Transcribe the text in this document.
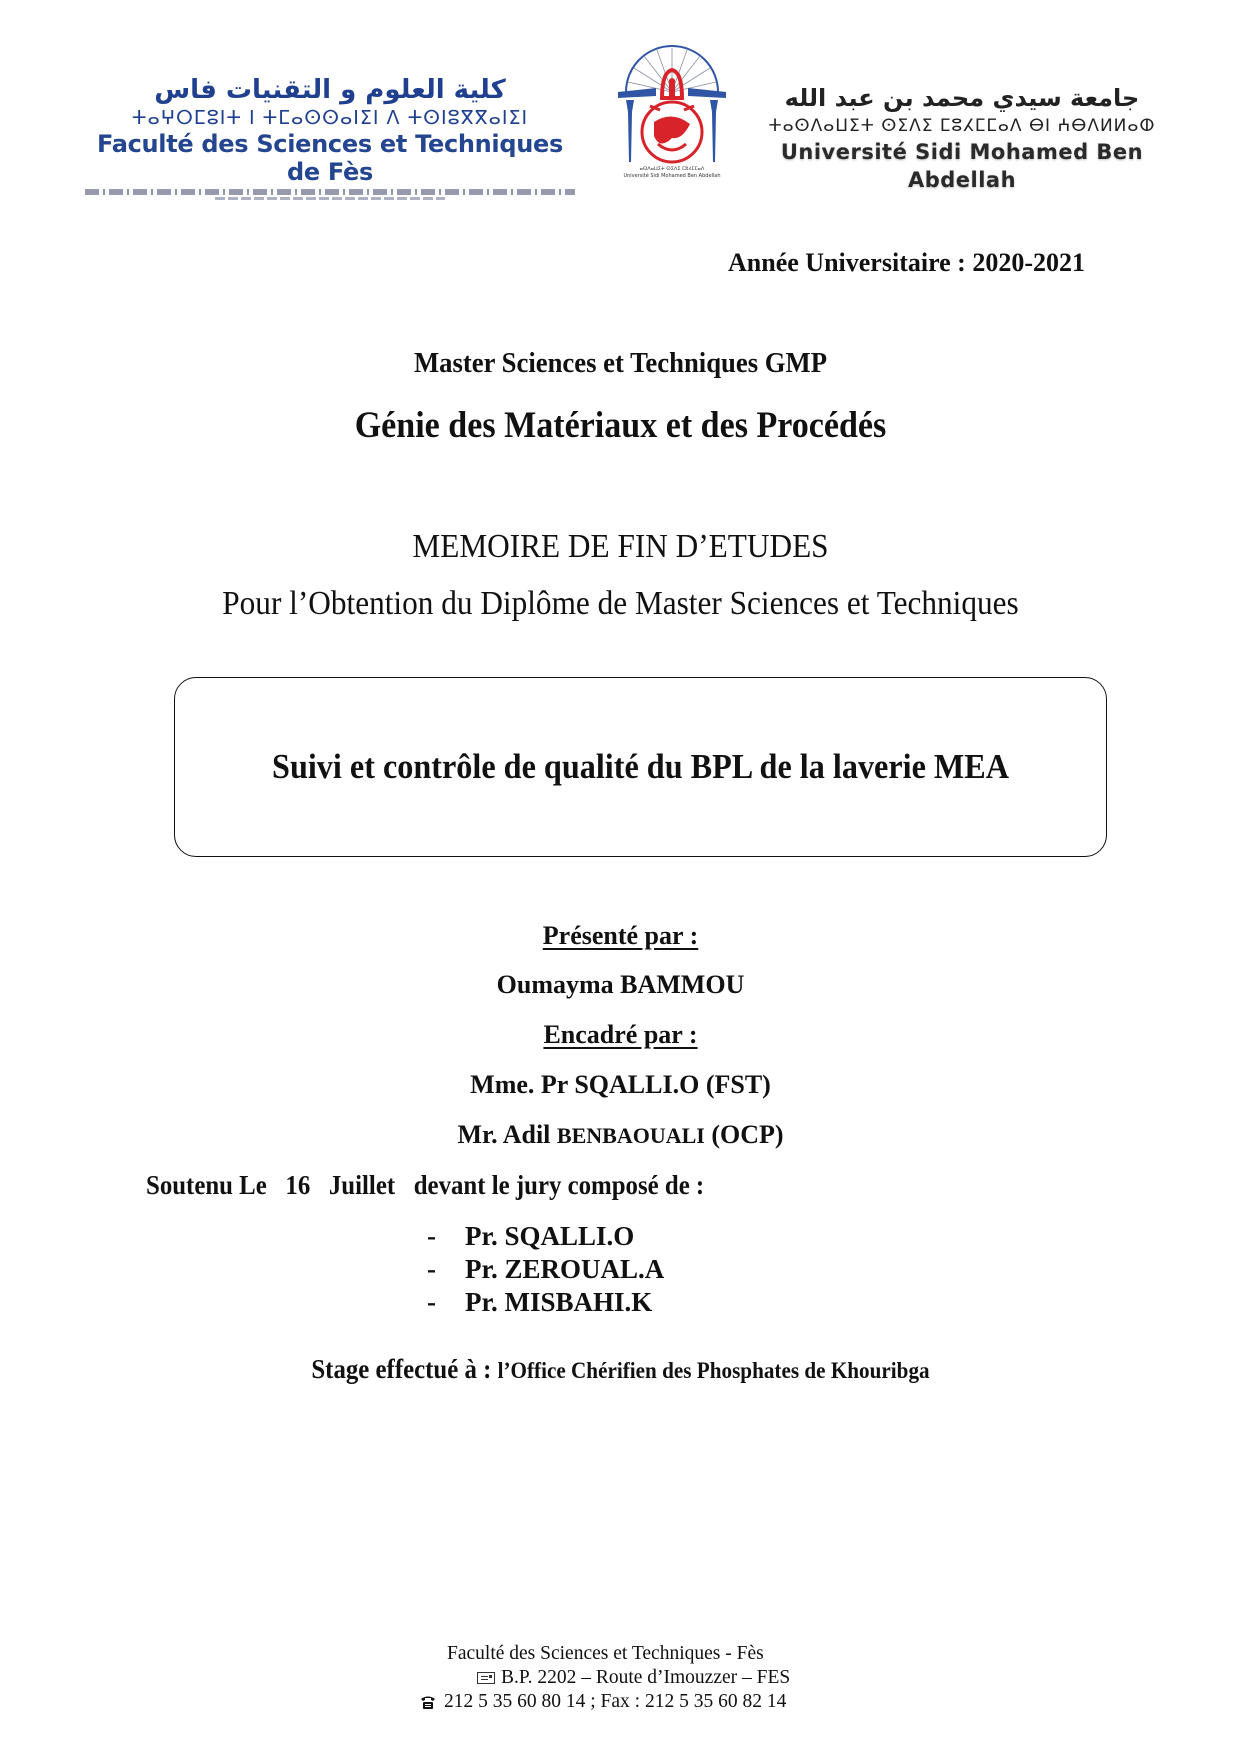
كلية العلوم و التقنيات فاس
ⵜⴰⵖⵔⵎⵓⵏⵜ ⵏ ⵜⵎⴰⵙⵙⴰⵏⵉⵏ ⴷ ⵜⵙⵏⵓⴳⴳⴰⵏⵉⵏ
Faculté des Sciences et Techniques de Fès	ⴰⵙⴷⴰⵡⵉⵜ ⵙⵉⴷⵉ ⵎⵓⵃⵎⵎⴰⴷ
Université Sidi Mohamed Ben Abdellah
جامعة سيدي محمد بن عبد الله
ⵜⴰⵙⴷⴰⵡⵉⵜ ⵙⵉⴷⵉ ⵎⵓⵃⵎⵎⴰⴷ ⴱⵏ ⵄⴱⴷⵍⵍⴰⵀ
Université Sidi Mohamed Ben Abdellah
Année Universitaire : 2020-2021
Master Sciences et Techniques GMP
Génie des Matériaux et des Procédés
MEMOIRE DE FIN D’ETUDES
Pour l’Obtention du Diplôme de Master Sciences et Techniques
Suivi et contrôle de qualité du BPL de la laverie MEA
Présenté par :
Oumayma BAMMOU
Encadré par :
Mme. Pr SQALLI.O (FST)
Mr. Adil BENBAOUALI (OCP)
Soutenu Le   16   Juillet   devant le jury composé de :
-	Pr. SQALLI.O
-	Pr. ZEROUAL.A
-	Pr. MISBAHI.K
Stage effectué à : l’Office Chérifien des Phosphates de Khouribga
Faculté des Sciences et Techniques - Fès
B.P. 2202 – Route d’Imouzzer – FES
212 5 35 60 80 14 ; Fax : 212 5 35 60 82 14
